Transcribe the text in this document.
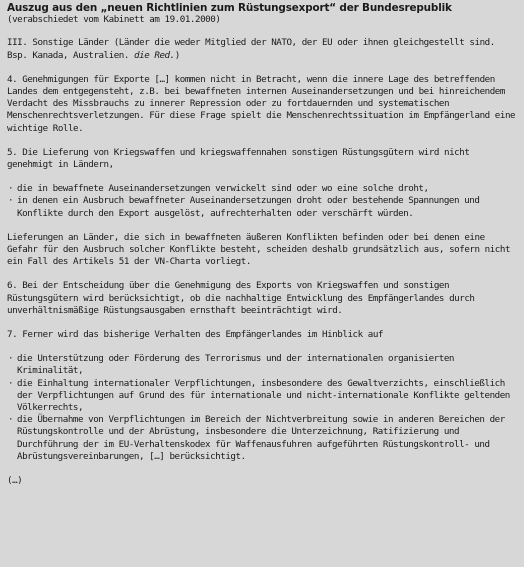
Auszug aus den „neuen Richtlinien zum Rüstungsexport“ der Bundesrepublik

(verabschiedet vom Kabinett am 19.01.2000)

III. Sonstige Länder (Länder die weder Mitglied der NATO, der EU oder ihnen gleichgestellt sind. Bsp. Kanada, Australien. die Red.)

4. Genehmigungen für Exporte […] kommen nicht in Betracht, wenn die innere Lage des betreffenden Landes dem entgegensteht, z.B. bei bewaffneten internen Auseinandersetzungen und bei hinreichendem Verdacht des Missbrauchs zu innerer Repression oder zu fortdauernden und systematischen Menschenrechtsverletzungen. Für diese Frage spielt die Menschenrechtssituation im Empfängerland eine wichtige Rolle.

5. Die Lieferung von Kriegswaffen und kriegswaffennahen sonstigen Rüstungsgütern wird nicht genehmigt in Ländern,

· die in bewaffnete Auseinandersetzungen verwickelt sind oder wo eine solche droht,
· in denen ein Ausbruch bewaffneter Auseinandersetzungen droht oder bestehende Spannungen und Konflikte durch den Export ausgelöst, aufrechterhalten oder verschärft würden.

Lieferungen an Länder, die sich in bewaffneten äußeren Konflikten befinden oder bei denen eine Gefahr für den Ausbruch solcher Konflikte besteht, scheiden deshalb grundsätzlich aus, sofern nicht ein Fall des Artikels 51 der VN-Charta vorliegt.

6. Bei der Entscheidung über die Genehmigung des Exports von Kriegswaffen und sonstigen Rüstungsgütern wird berücksichtigt, ob die nachhaltige Entwicklung des Empfängerlandes durch unverhältnismäßige Rüstungsausgaben ernsthaft beeinträchtigt wird.

7. Ferner wird das bisherige Verhalten des Empfängerlandes im Hinblick auf

· die Unterstützung oder Förderung des Terrorismus und der internationalen organisierten Kriminalität,
· die Einhaltung internationaler Verpflichtungen, insbesondere des Gewaltverzichts, einschließlich der Verpflichtungen auf Grund des für internationale und nicht-internationale Konflikte geltenden Völkerrechts,
· die Übernahme von Verpflichtungen im Bereich der Nichtverbreitung sowie in anderen Bereichen der Rüstungskontrolle und der Abrüstung, insbesondere die Unterzeichnung, Ratifizierung und Durchführung der im EU-Verhaltenskodex für Waffenausfuhren aufgeführten Rüstungskontroll- und Abrüstungsvereinbarungen, […] berücksichtigt.

(…)
